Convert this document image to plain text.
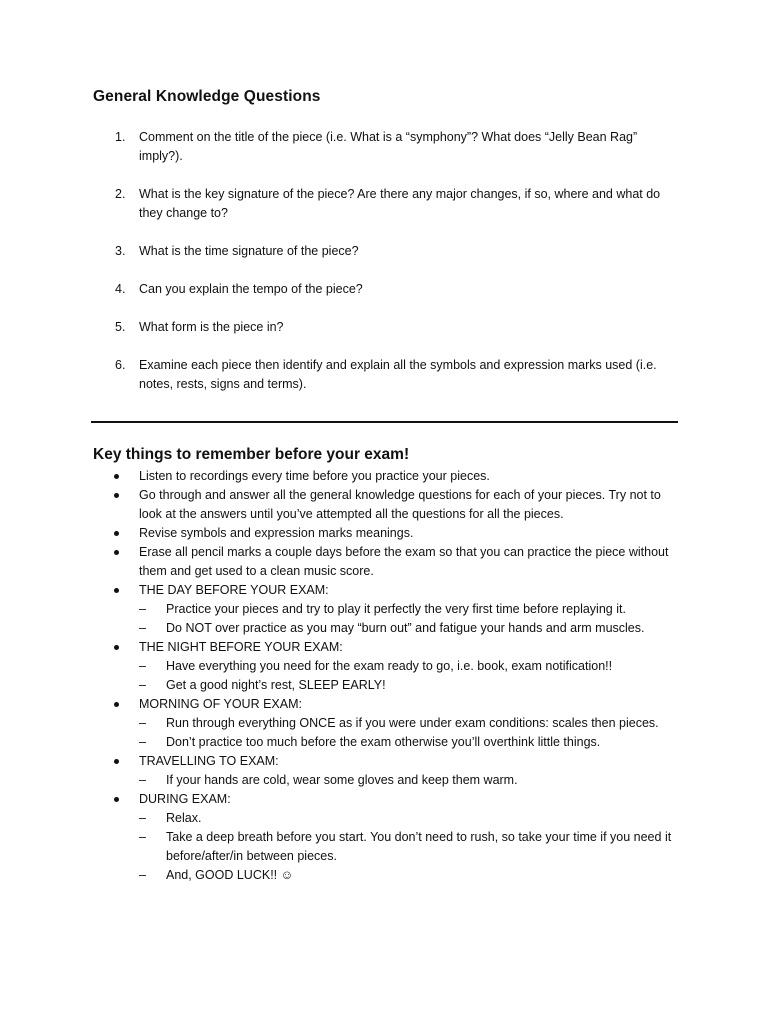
General Knowledge Questions
1.	Comment on the title of the piece (i.e. What is a “symphony”? What does “Jelly Bean Rag” imply?).
2.	What is the key signature of the piece? Are there any major changes, if so, where and what do they change to?
3.	What is the time signature of the piece?
4.	Can you explain the tempo of the piece?
5.	What form is the piece in?
6.	Examine each piece then identify and explain all the symbols and expression marks used (i.e. notes, rests, signs and terms).
Key things to remember before your exam!
Listen to recordings every time before you practice your pieces.
Go through and answer all the general knowledge questions for each of your pieces. Try not to look at the answers until you’ve attempted all the questions for all the pieces.
Revise symbols and expression marks meanings.
Erase all pencil marks a couple days before the exam so that you can practice the piece without them and get used to a clean music score.
THE DAY BEFORE YOUR EXAM:
– Practice your pieces and try to play it perfectly the very first time before replaying it.
– Do NOT over practice as you may “burn out” and fatigue your hands and arm muscles.
THE NIGHT BEFORE YOUR EXAM:
– Have everything you need for the exam ready to go, i.e. book, exam notification!!
– Get a good night’s rest, SLEEP EARLY!
MORNING OF YOUR EXAM:
– Run through everything ONCE as if you were under exam conditions: scales then pieces.
– Don’t practice too much before the exam otherwise you’ll overthink little things.
TRAVELLING TO EXAM:
– If your hands are cold, wear some gloves and keep them warm.
DURING EXAM:
– Relax.
– Take a deep breath before you start. You don’t need to rush, so take your time if you need it before/after/in between pieces.
– And, GOOD LUCK!! ☺
